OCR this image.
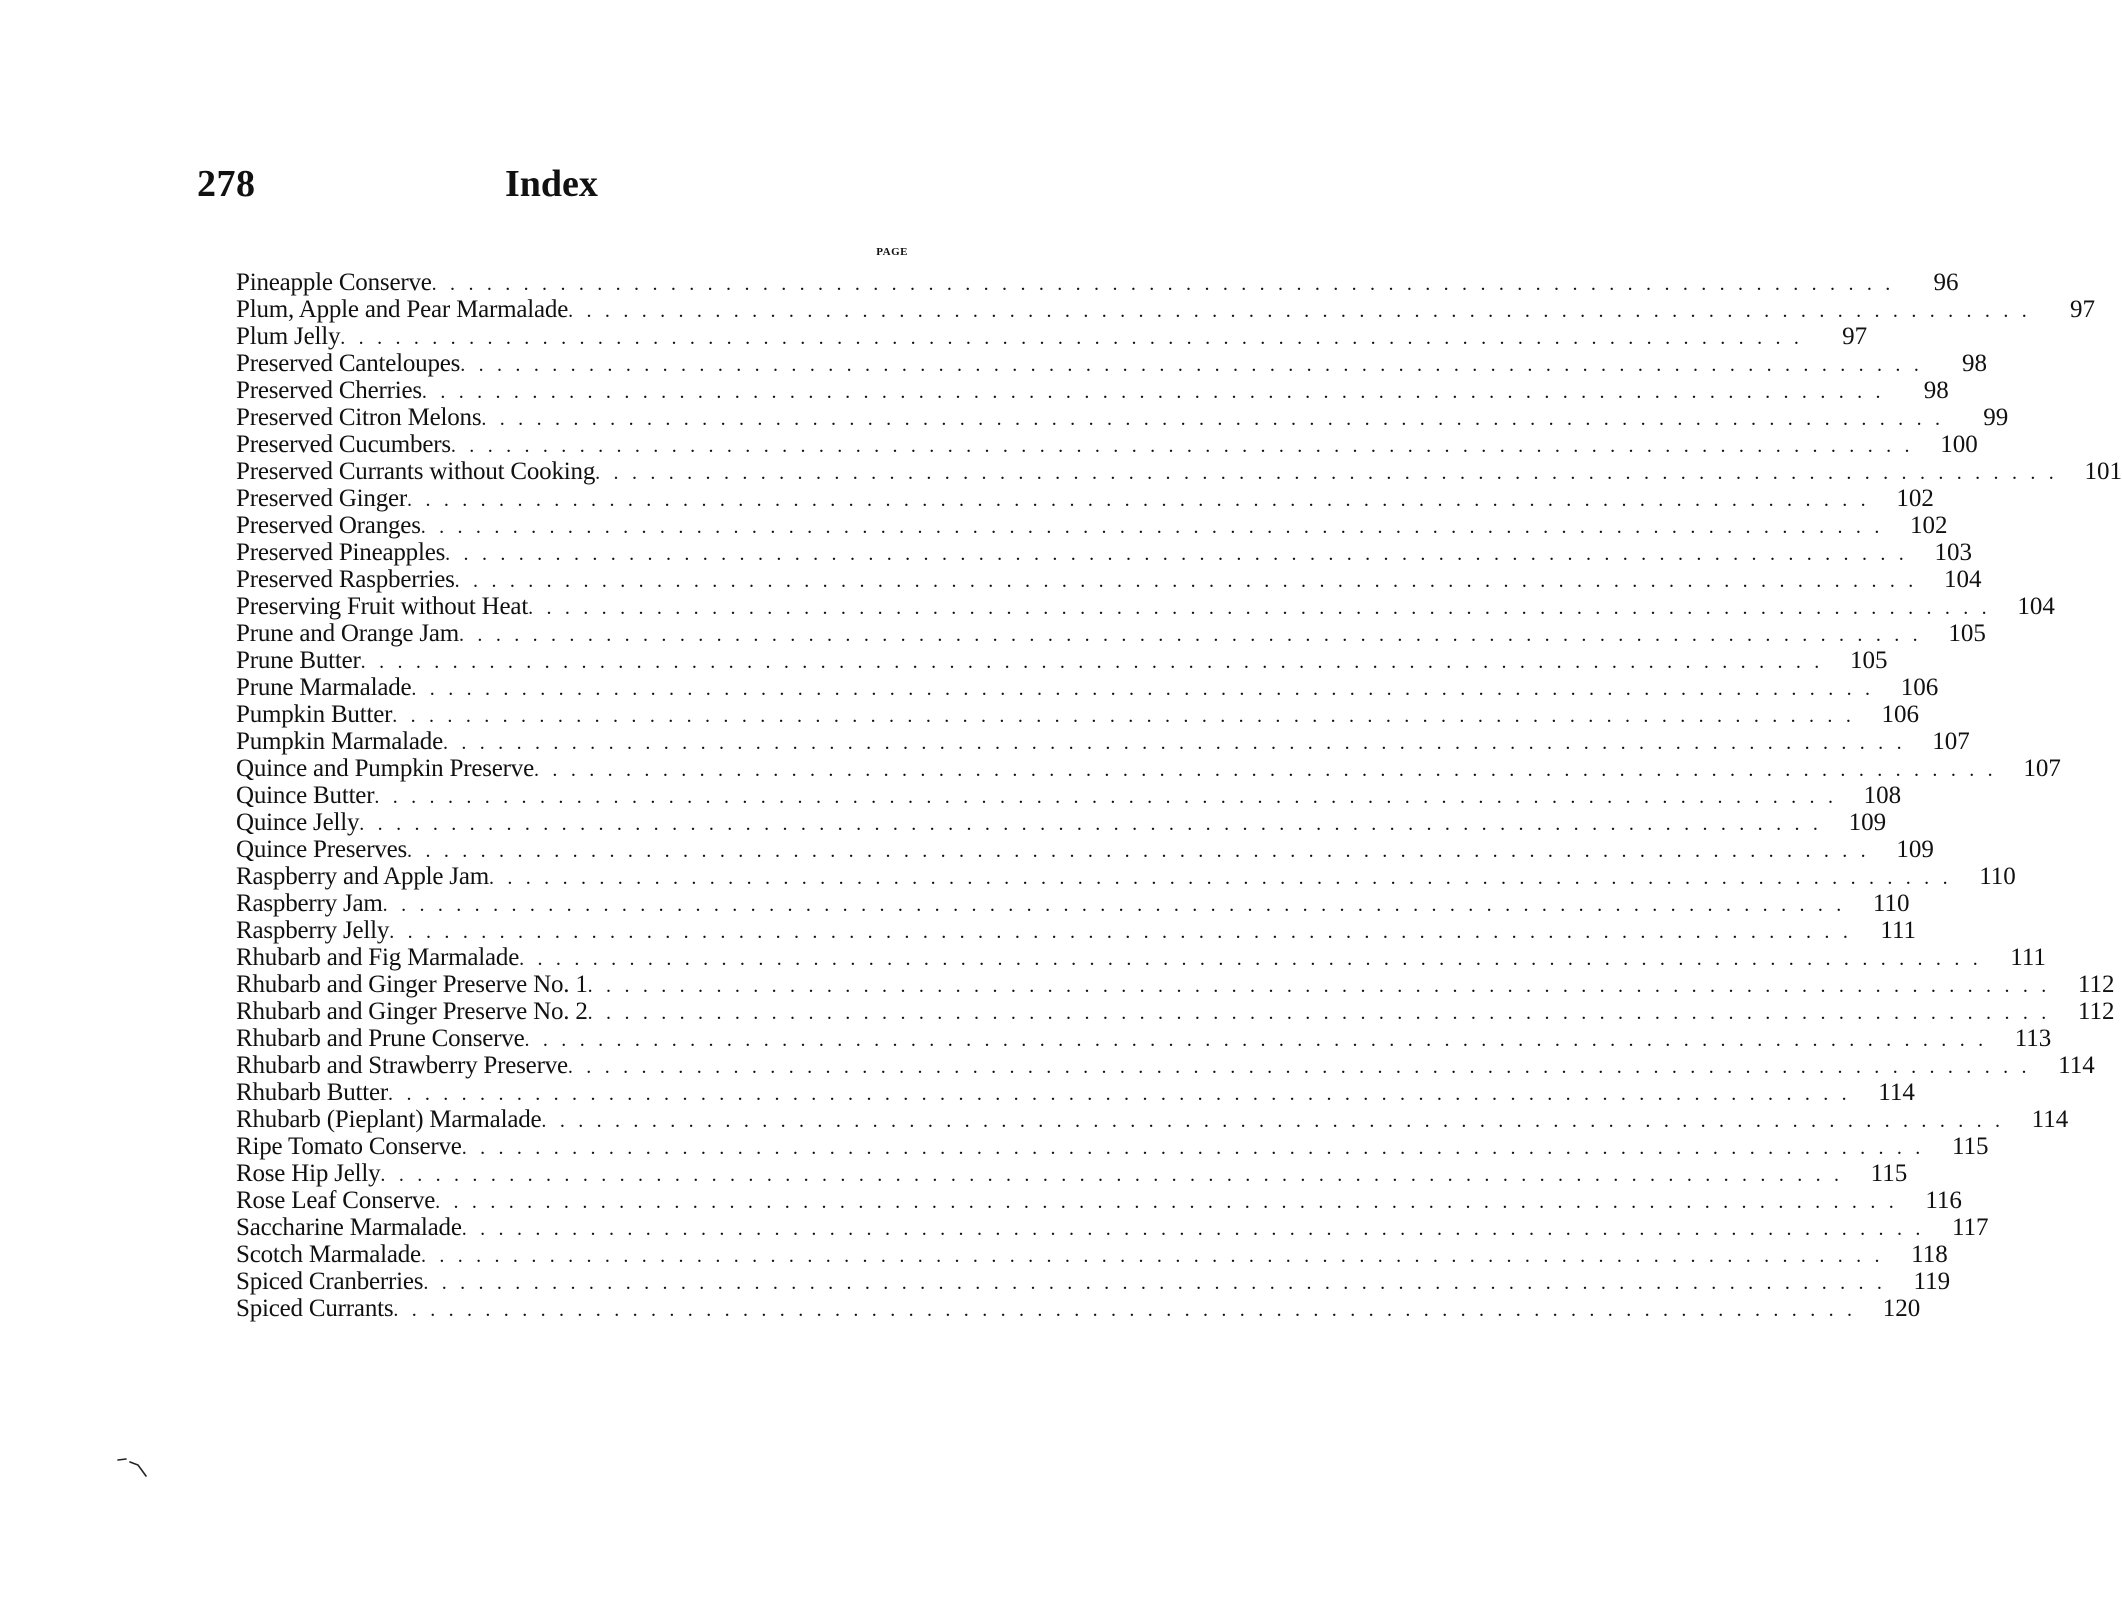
278	Index
PAGE
Pineapple Conserve . . . . . . . . . . . . . . . . . . . . . . . . . . . . . . . . . . . . . . . . . . . . . . . . . . . . . . . . . . . . . . . . . . . . . . . . . . . . . . . .	96
Plum, Apple and Pear Marmalade . . . . . . . . . . . . . . . . . . . . . . . . . . . . . . . . . . . . . . . . . . . . . . . . . . . . . . . . . . . . . . . . . . . . . . . . . . . . . . . .	97
Plum Jelly . . . . . . . . . . . . . . . . . . . . . . . . . . . . . . . . . . . . . . . . . . . . . . . . . . . . . . . . . . . . . . . . . . . . . . . . . . . . . . . .	97
Preserved Canteloupes . . . . . . . . . . . . . . . . . . . . . . . . . . . . . . . . . . . . . . . . . . . . . . . . . . . . . . . . . . . . . . . . . . . . . . . . . . . . . . . .	98
Preserved Cherries . . . . . . . . . . . . . . . . . . . . . . . . . . . . . . . . . . . . . . . . . . . . . . . . . . . . . . . . . . . . . . . . . . . . . . . . . . . . . . . .	98
Preserved Citron Melons . . . . . . . . . . . . . . . . . . . . . . . . . . . . . . . . . . . . . . . . . . . . . . . . . . . . . . . . . . . . . . . . . . . . . . . . . . . . . . . .	99
Preserved Cucumbers . . . . . . . . . . . . . . . . . . . . . . . . . . . . . . . . . . . . . . . . . . . . . . . . . . . . . . . . . . . . . . . . . . . . . . . . . . . . . . . .	100
Preserved Currants without Cooking . . . . . . . . . . . . . . . . . . . . . . . . . . . . . . . . . . . . . . . . . . . . . . . . . . . . . . . . . . . . . . . . . . . . . . . . . . . . . . . .	101
Preserved Ginger . . . . . . . . . . . . . . . . . . . . . . . . . . . . . . . . . . . . . . . . . . . . . . . . . . . . . . . . . . . . . . . . . . . . . . . . . . . . . . . .	102
Preserved Oranges . . . . . . . . . . . . . . . . . . . . . . . . . . . . . . . . . . . . . . . . . . . . . . . . . . . . . . . . . . . . . . . . . . . . . . . . . . . . . . . .	102
Preserved Pineapples . . . . . . . . . . . . . . . . . . . . . . . . . . . . . . . . . . . . . . . . . . . . . . . . . . . . . . . . . . . . . . . . . . . . . . . . . . . . . . . .	103
Preserved Raspberries . . . . . . . . . . . . . . . . . . . . . . . . . . . . . . . . . . . . . . . . . . . . . . . . . . . . . . . . . . . . . . . . . . . . . . . . . . . . . . . .	104
Preserving Fruit without Heat . . . . . . . . . . . . . . . . . . . . . . . . . . . . . . . . . . . . . . . . . . . . . . . . . . . . . . . . . . . . . . . . . . . . . . . . . . . . . . . .	104
Prune and Orange Jam . . . . . . . . . . . . . . . . . . . . . . . . . . . . . . . . . . . . . . . . . . . . . . . . . . . . . . . . . . . . . . . . . . . . . . . . . . . . . . . .	105
Prune Butter . . . . . . . . . . . . . . . . . . . . . . . . . . . . . . . . . . . . . . . . . . . . . . . . . . . . . . . . . . . . . . . . . . . . . . . . . . . . . . . .	105
Prune Marmalade . . . . . . . . . . . . . . . . . . . . . . . . . . . . . . . . . . . . . . . . . . . . . . . . . . . . . . . . . . . . . . . . . . . . . . . . . . . . . . . .	106
Pumpkin Butter . . . . . . . . . . . . . . . . . . . . . . . . . . . . . . . . . . . . . . . . . . . . . . . . . . . . . . . . . . . . . . . . . . . . . . . . . . . . . . . .	106
Pumpkin Marmalade . . . . . . . . . . . . . . . . . . . . . . . . . . . . . . . . . . . . . . . . . . . . . . . . . . . . . . . . . . . . . . . . . . . . . . . . . . . . . . . .	107
Quince and Pumpkin Preserve . . . . . . . . . . . . . . . . . . . . . . . . . . . . . . . . . . . . . . . . . . . . . . . . . . . . . . . . . . . . . . . . . . . . . . . . . . . . . . . .	107
Quince Butter . . . . . . . . . . . . . . . . . . . . . . . . . . . . . . . . . . . . . . . . . . . . . . . . . . . . . . . . . . . . . . . . . . . . . . . . . . . . . . . .	108
Quince Jelly . . . . . . . . . . . . . . . . . . . . . . . . . . . . . . . . . . . . . . . . . . . . . . . . . . . . . . . . . . . . . . . . . . . . . . . . . . . . . . . .	109
Quince Preserves . . . . . . . . . . . . . . . . . . . . . . . . . . . . . . . . . . . . . . . . . . . . . . . . . . . . . . . . . . . . . . . . . . . . . . . . . . . . . . . .	109
Raspberry and Apple Jam . . . . . . . . . . . . . . . . . . . . . . . . . . . . . . . . . . . . . . . . . . . . . . . . . . . . . . . . . . . . . . . . . . . . . . . . . . . . . . . .	110
Raspberry Jam . . . . . . . . . . . . . . . . . . . . . . . . . . . . . . . . . . . . . . . . . . . . . . . . . . . . . . . . . . . . . . . . . . . . . . . . . . . . . . . .	110
Raspberry Jelly . . . . . . . . . . . . . . . . . . . . . . . . . . . . . . . . . . . . . . . . . . . . . . . . . . . . . . . . . . . . . . . . . . . . . . . . . . . . . . . .	111
Rhubarb and Fig Marmalade . . . . . . . . . . . . . . . . . . . . . . . . . . . . . . . . . . . . . . . . . . . . . . . . . . . . . . . . . . . . . . . . . . . . . . . . . . . . . . . .	111
Rhubarb and Ginger Preserve No. 1 . . . . . . . . . . . . . . . . . . . . . . . . . . . . . . . . . . . . . . . . . . . . . . . . . . . . . . . . . . . . . . . . . . . . . . . . . . . . . . . .	112
Rhubarb and Ginger Preserve No. 2 . . . . . . . . . . . . . . . . . . . . . . . . . . . . . . . . . . . . . . . . . . . . . . . . . . . . . . . . . . . . . . . . . . . . . . . . . . . . . . . .	112
Rhubarb and Prune Conserve . . . . . . . . . . . . . . . . . . . . . . . . . . . . . . . . . . . . . . . . . . . . . . . . . . . . . . . . . . . . . . . . . . . . . . . . . . . . . . . .	113
Rhubarb and Strawberry Preserve . . . . . . . . . . . . . . . . . . . . . . . . . . . . . . . . . . . . . . . . . . . . . . . . . . . . . . . . . . . . . . . . . . . . . . . . . . . . . . . .	114
Rhubarb Butter . . . . . . . . . . . . . . . . . . . . . . . . . . . . . . . . . . . . . . . . . . . . . . . . . . . . . . . . . . . . . . . . . . . . . . . . . . . . . . . .	114
Rhubarb (Pieplant) Marmalade . . . . . . . . . . . . . . . . . . . . . . . . . . . . . . . . . . . . . . . . . . . . . . . . . . . . . . . . . . . . . . . . . . . . . . . . . . . . . . . .	114
Ripe Tomato Conserve . . . . . . . . . . . . . . . . . . . . . . . . . . . . . . . . . . . . . . . . . . . . . . . . . . . . . . . . . . . . . . . . . . . . . . . . . . . . . . . .	115
Rose Hip Jelly . . . . . . . . . . . . . . . . . . . . . . . . . . . . . . . . . . . . . . . . . . . . . . . . . . . . . . . . . . . . . . . . . . . . . . . . . . . . . . . .	115
Rose Leaf Conserve . . . . . . . . . . . . . . . . . . . . . . . . . . . . . . . . . . . . . . . . . . . . . . . . . . . . . . . . . . . . . . . . . . . . . . . . . . . . . . . .	116
Saccharine Marmalade . . . . . . . . . . . . . . . . . . . . . . . . . . . . . . . . . . . . . . . . . . . . . . . . . . . . . . . . . . . . . . . . . . . . . . . . . . . . . . . .	117
Scotch Marmalade . . . . . . . . . . . . . . . . . . . . . . . . . . . . . . . . . . . . . . . . . . . . . . . . . . . . . . . . . . . . . . . . . . . . . . . . . . . . . . . .	118
Spiced Cranberries . . . . . . . . . . . . . . . . . . . . . . . . . . . . . . . . . . . . . . . . . . . . . . . . . . . . . . . . . . . . . . . . . . . . . . . . . . . . . . . .	119
Spiced Currants . . . . . . . . . . . . . . . . . . . . . . . . . . . . . . . . . . . . . . . . . . . . . . . . . . . . . . . . . . . . . . . . . . . . . . . . . . . . . . . .	120
